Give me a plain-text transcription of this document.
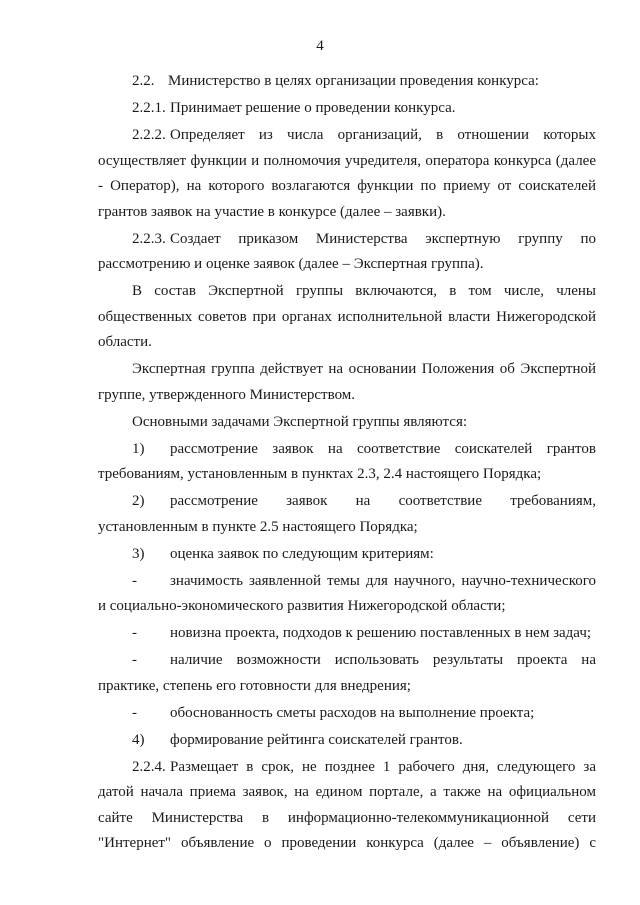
4

2.2. Министерство в целях организации проведения конкурса:

2.2.1. Принимает решение о проведении конкурса.

2.2.2. Определяет из числа организаций, в отношении которых осуществляет функции и полномочия учредителя, оператора конкурса (далее - Оператор), на которого возлагаются функции по приему от соискателей грантов заявок на участие в конкурсе (далее – заявки).

2.2.3. Создает приказом Министерства экспертную группу по рассмотрению и оценке заявок (далее – Экспертная группа).

В состав Экспертной группы включаются, в том числе, члены общественных советов при органах исполнительной власти Нижегородской области.

Экспертная группа действует на основании Положения об Экспертной группе, утвержденного Министерством.

Основными задачами Экспертной группы являются:

1) рассмотрение заявок на соответствие соискателей грантов требованиям, установленным в пунктах 2.3, 2.4 настоящего Порядка;

2) рассмотрение заявок на соответствие требованиям, установленным в пункте 2.5 настоящего Порядка;

3) оценка заявок по следующим критериям:

- значимость заявленной темы для научного, научно-технического и социально-экономического развития Нижегородской области;

- новизна проекта, подходов к решению поставленных в нем задач;

- наличие возможности использовать результаты проекта на практике, степень его готовности для внедрения;

- обоснованность сметы расходов на выполнение проекта;

4) формирование рейтинга соискателей грантов.

2.2.4. Размещает в срок, не позднее 1 рабочего дня, следующего за датой начала приема заявок, на едином портале, а также на официальном сайте Министерства в информационно-телекоммуникационной сети "Интернет" объявление о проведении конкурса (далее – объявление) с
